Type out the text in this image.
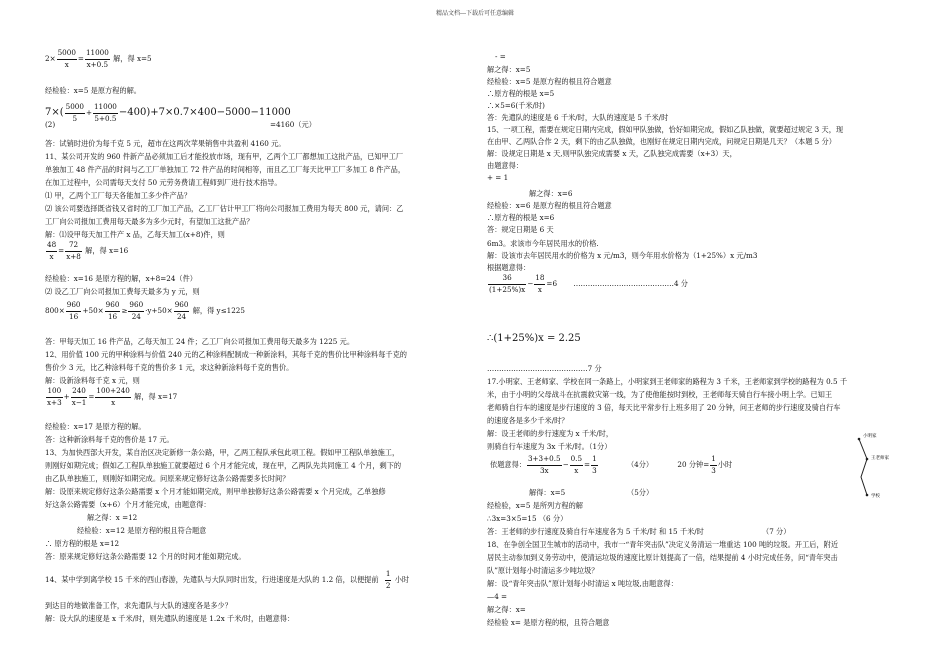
精品文档---下载后可任意编辑
$2\times \frac{5000}{x} = \frac{11000}{x+0.5}$ 解，得 x=5
经检验：x=5 是原方程的解。
$7\times( \frac{5000}{5} + \frac{11000}{5+0.5} -400)+7\times 0.7\times 400-5000-11000$
(2)	=4160（元）
答：试销时进价为每千克 5 元，超市在这两次苹果销售中共盈利 4160 元。
11、某公司开发的 960 件新产品必须加工后才能投放市场，现有甲，乙两个工厂都想加工这批产品，已知甲工厂
单独加工 48 件产品的时间与乙工厂单独加工 72 件产品的时间相等，而且乙工厂每天比甲工厂多加工 8 件产品，
在加工过程中，公司需每天支付 50 元劳务费请工程师到厂进行技术指导。
⑴ 甲，乙两个工厂每天各能加工多少件产品？
⑵ 该公司要选择既省钱又省时的工厂加工产品，乙工厂估计甲工厂将向公司报加工费用为每天 800 元，请问：乙
工厂向公司报加工费用每天最多为多少元时，有望加工这批产品？
解：⑴设甲每天加工件产 x 品，乙每天加工(x+8)件，则
$\frac{48}{x} = \frac{72}{x+8}$ 解，得 x=16
经检验：x=16 是原方程的解，x+8=24（件）
⑵ 设乙工厂向公司报加工费每天最多为 y 元，则
$800\times \frac{960}{16} +50\times \frac{960}{16} \ge \frac{960}{24} \cdot y+50\times \frac{960}{24}$ 解，得 y≤1225
答：甲每天加工 16 件产品，乙每天加工 24 件；乙工厂向公司报加工费用每天最多为 1225 元。
12、用价值 100 元的甲种涂料与价值 240 元的乙种涂料配制成一种新涂料，其每千克的售价比甲种涂料每千克的
售价少 3 元，比乙种涂料每千克的售价多 1 元，求这种新涂料每千克的售价。
解：设新涂料每千克 x 元，则
$\frac{100}{x+3} + \frac{240}{x-1} = \frac{100+240}{x}$ 解，得 x=17
经检验：x=17 是原方程的解。
答：这种新涂料每千克的售价是 17 元。
13、为加快西部大开发，某自治区决定新修一条公路，甲，乙两工程队承包此项工程。假如甲工程队单独施工，
则刚好如期完成；假如乙工程队单独施工就要超过 6 个月才能完成，现在甲，乙两队先共同施工 4 个月，剩下的
由乙队单独施工，则刚好如期完成。问原来规定修好这条公路需要多长时间？
解：设原来规定修好这条公路需要 x 个月才能如期完成，则甲单独修好这条公路需要 x 个月完成，乙单独修
好这条公路需要（x+6）个月才能完成，由题意得：
解之得：x =12
经检验：x=12 是原方程的根且符合题意
∴ 原方程的根是 x=12
答：原来规定修好这条公路需要 12 个月的时间才能如期完成。
14、某中学到离学校 15 千米的西山春游，先遣队与大队同时出发，行进速度是大队的 1.2 倍，以便提前 $\frac{1}{2}$ 小时
到达目的地做准备工作，求先遣队与大队的速度各是多少？
解：设大队的速度是 x 千米/时，则先遣队的速度是 1.2x 千米/时，由题意得：
- =
解之得：x=5
经检验：x=5 是原方程的根且符合题意
∴原方程的根是 x=5
∴×5=6(千米/时)
答：先遣队的速度是 6 千米/时，大队的速度是 5 千米/时
15、一项工程，需要在规定日期内完成，假如甲队独做，恰好如期完成，假如乙队独做，就要超过规定 3 天，现
在由甲、乙两队合作 2 天，剩下的由乙队独做，也刚好在规定日期内完成，问规定日期是几天？（本题 5 分）
解：设规定日期是 x 天,则甲队独完成需要 x 天，乙队独完成需要（x+3）天，
由题意得：
+ = 1
解之得：x=6
经检验：x=6 是原方程的根且符合题意
∴原方程的根是 x=6
答：规定日期是 6 天
6m3。求该市今年居民用水的价格.
解：设该市去年居民用水的价格为 x 元/m3，则今年用水价格为（1+25%）x 元/m3
根据题意得：
$\frac{36}{(1+25\%)x} - \frac{18}{x} =6$ ……………………………………4 分
∴(1+25%)x = 2.25
……………………………………7 分
17.小明家、王老师家、学校在同一条路上，小明家到王老师家的路程为 3 千米，王老师家到学校的路程为 0.5 千
米，由于小明的父母战斗在抗震救灾第一线，为了使他能按时到校，王老师每天骑自行车接小明上学。已知王
老师骑自行车的速度是步行速度的 3 倍，每天比平常步行上班多用了 20 分钟，问王老师的步行速度及骑自行车
的速度各是多少千米/时？
解：设王老师的步行速度为 x 千米/时，
则骑自行车速度为 3x 千米/时。（1分）
依题意得： $\frac{3+3+0.5}{3x} - \frac{0.5}{x} = \frac{1}{3}$	（4分）	20 分钟= $\frac{1}{3}$ 小时
解得：x=5	（5分）
经检验，x=5 是所列方程的解
∴3x=3×5=15 （6 分）
答：王老师的步行速度及骑自行车速度各为 5 千米/时 和 15 千米/时	（7 分）
18、在争创全国卫生城市的活动中，我市一“青年突击队”决定义务清运一堆重达 100 吨的垃圾。开工后，附近
居民主动参加到义务劳动中，使清运垃圾的速度比原计划提高了一倍，结果提前 4 小时完成任务，问“青年突击
队”原计划每小时清运多少吨垃圾？
解：设“青年突击队”原计划每小时清运 x 吨垃圾,由题意得：
—4 =
解之得：x=
经检验 x= 是原方程的根，且符合题意
小明家
王老师家
学校
